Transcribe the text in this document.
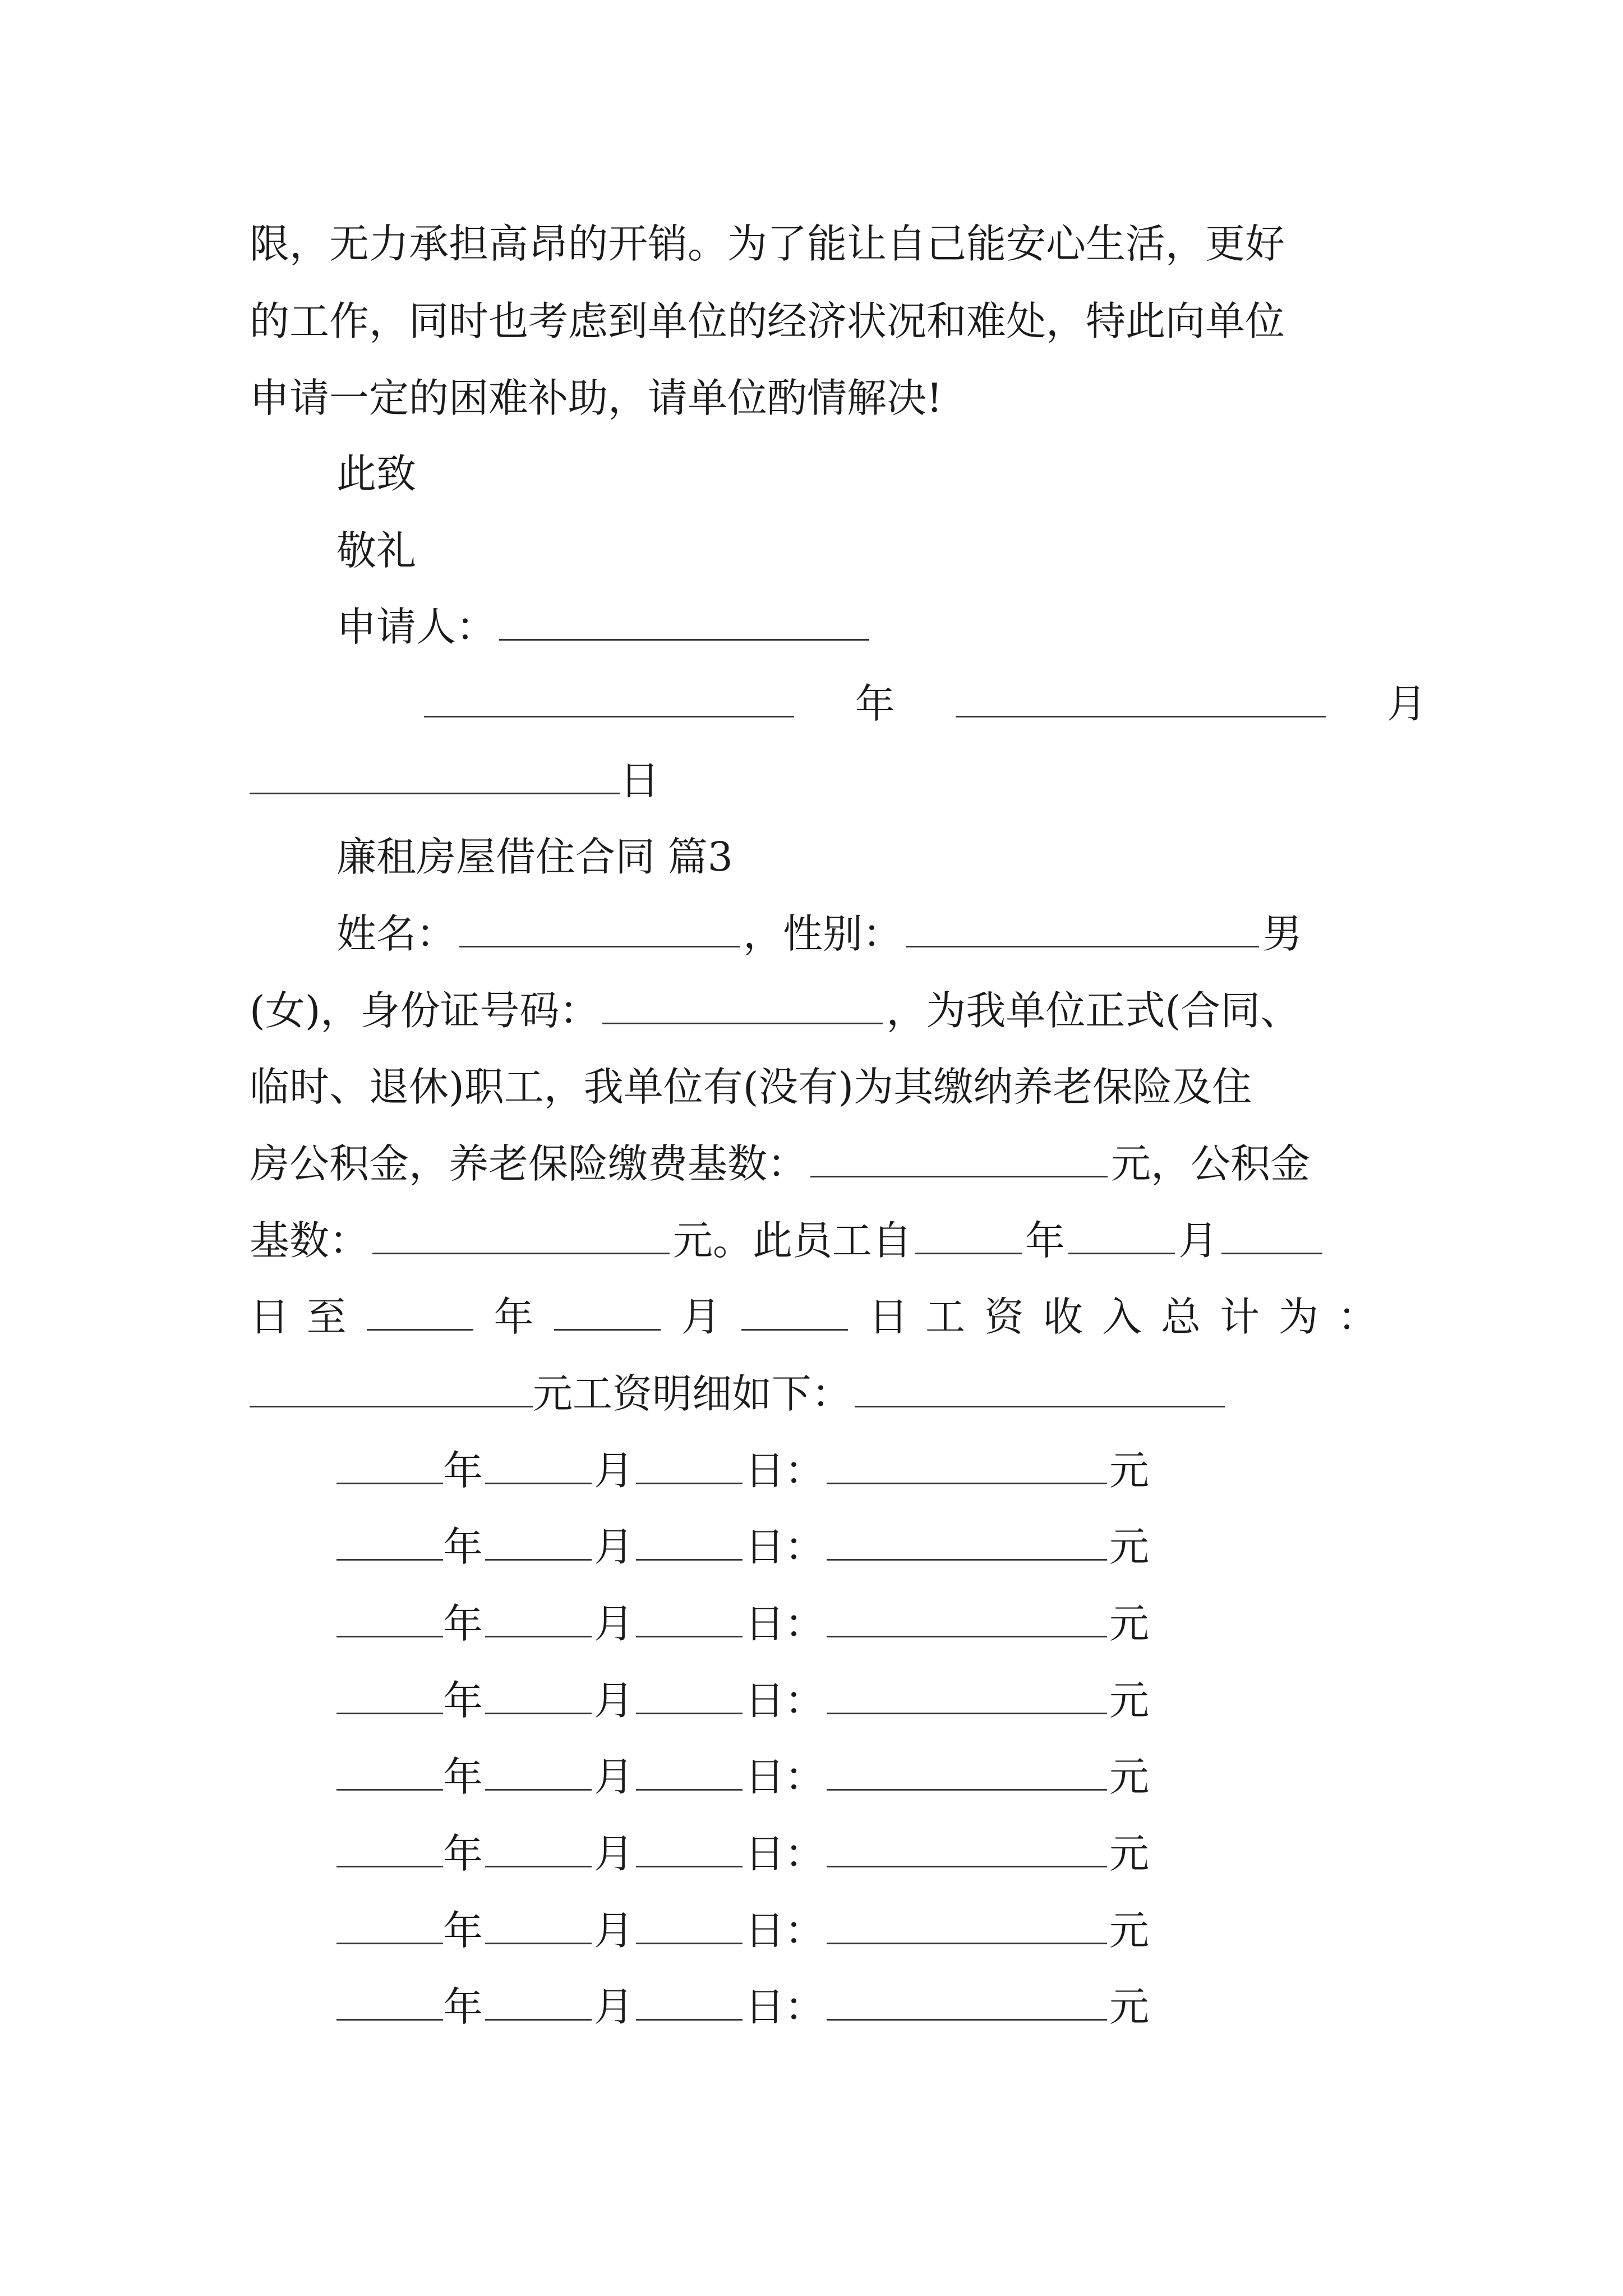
限，无力承担高昂的开销。为了能让自己能安心生活，更好
的工作，同时也考虑到单位的经济状况和难处，特此向单位
申请一定的困难补助，请单位酌情解决!
此致
敬礼
申请人：
年	月
日
廉租房屋借住合同 篇3
姓名：	，性别：	男
(女)，身份证号码：	，为我单位正式(合同、
临时、退休)职工，我单位有(没有)为其缴纳养老保险及住
房公积金，养老保险缴费基数：	元，公积金
基数：	元。此员工自	年	月
日 至	年	月	日 工资收入总计为：
元工资明细如下：
年	月	日：	元
年	月	日：	元
年	月	日：	元
年	月	日：	元
年	月	日：	元
年	月	日：	元
年	月	日：	元
年	月	日：	元
